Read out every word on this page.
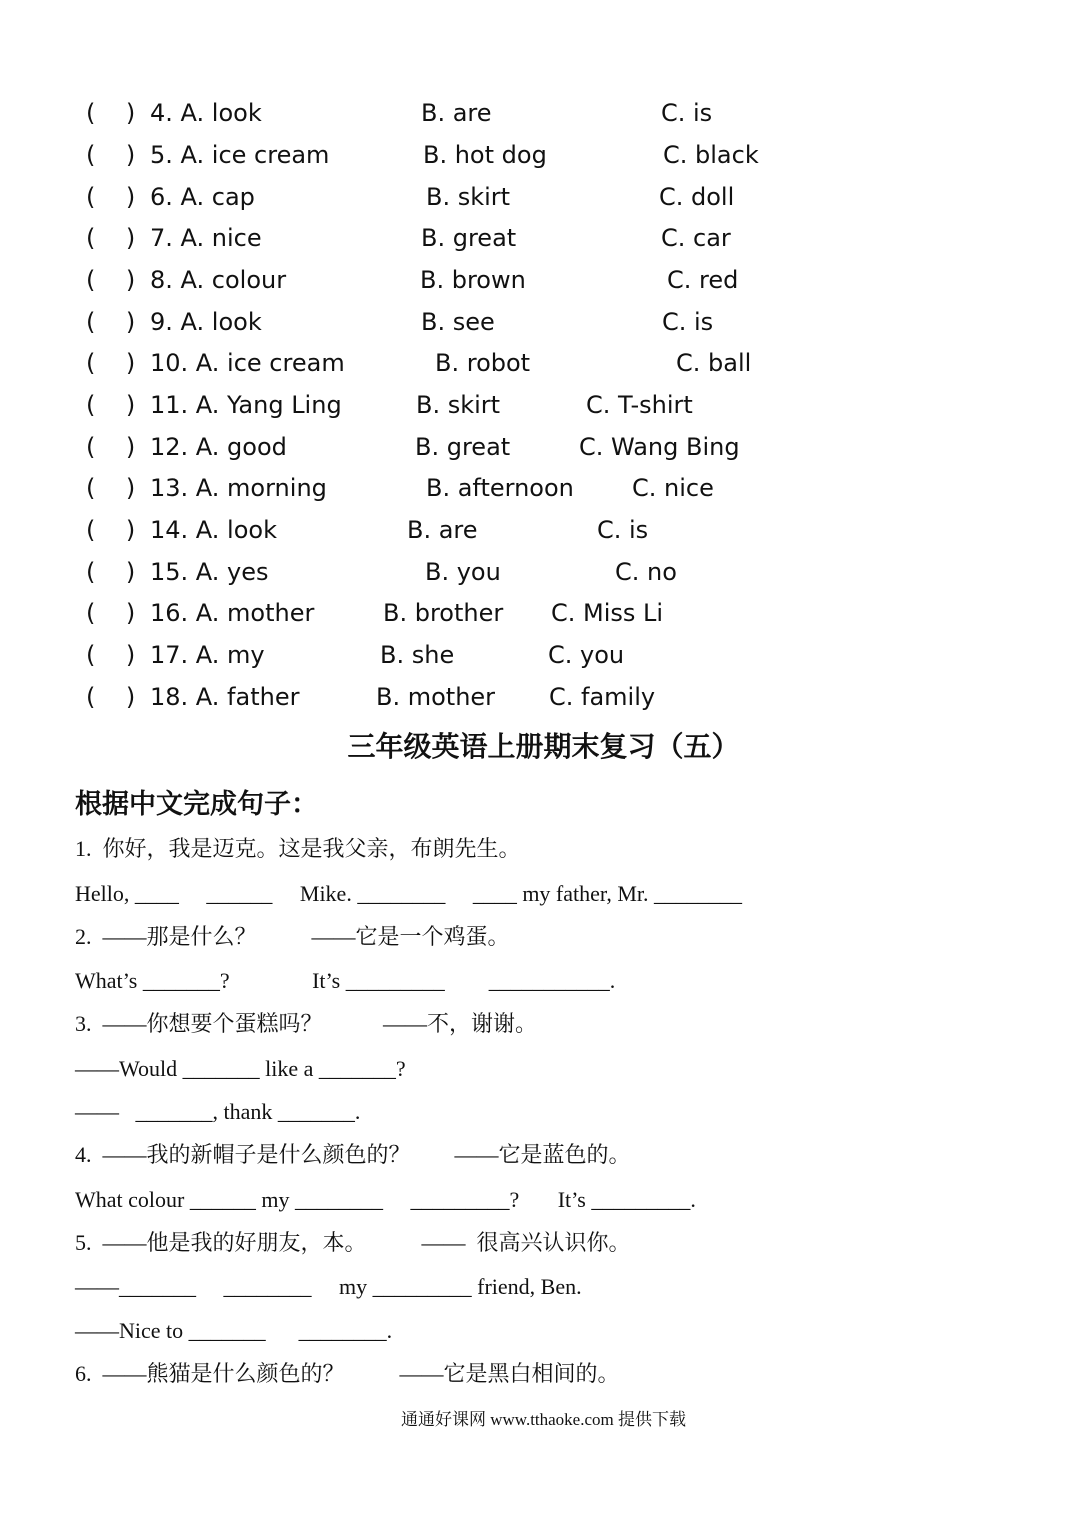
(    ) 4. A. look	B. are	C. is
(    ) 5. A. ice cream	B. hot dog	C. black
(    ) 6. A. cap	B. skirt	C. doll
(    ) 7. A. nice	B. great	C. car
(    ) 8. A. colour	B. brown	C. red
(    ) 9. A. look	B. see	C. is
(    ) 10. A. ice cream	B. robot	C. ball
(    ) 11. A. Yang Ling	B. skirt	C. T-shirt
(    ) 12. A. good	B. great	C. Wang Bing
(    ) 13. A. morning	B. afternoon C. nice
(    ) 14. A. look	B. are	C. is
(    ) 15. A. yes	B. you	C. no
(    ) 16. A. mother	B. brother C. Miss Li
(    ) 17. A. my	B. she	C. you
(    ) 18. A. father	B. mother C. family
三年级英语上册期末复习（五）
根据中文完成句子：
1.  你好，我是迈克。这是我父亲，布朗先生。
Hello, ____     ______     Mike. ________     ____ my father, Mr. ________
2.  ——那是什么？          ——它是一个鸡蛋。
What’s _______?               It’s _________        ___________.
3.  ——你想要个蛋糕吗？           ——不，谢谢。
——Would _______ like a _______?
——   _______, thank _______.
4.  ——我的新帽子是什么颜色的？        ——它是蓝色的。
What colour ______ my ________     _________?       It’s _________.
5.  ——他是我的好朋友，本。          ——  很高兴认识你。
——_______     ________     my _________ friend, Ben.
——Nice to _______      ________.
6.  ——熊猫是什么颜色的？          ——它是黑白相间的。
通通好课网 www.tthaoke.com 提供下载
